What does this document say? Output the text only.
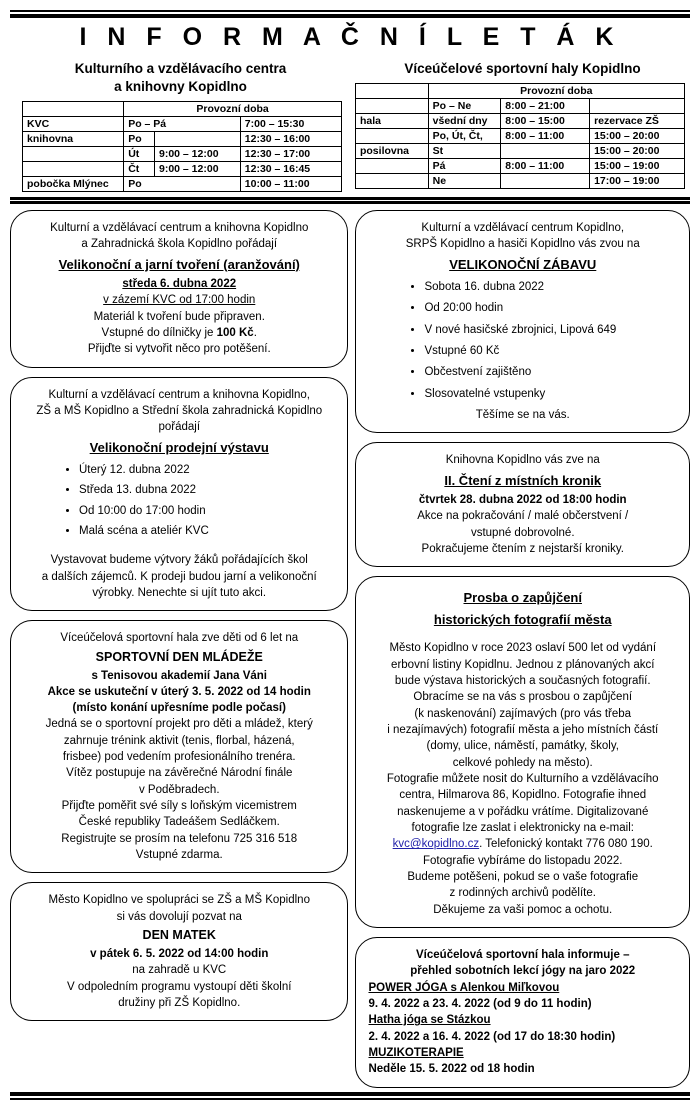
I N F O R M A Č N Í L E T Á K
Kulturního a vzdělávacího centra
a knihovny Kopidlno
	Provozní doba		
KVC	Po – Pá		7:00 – 15:30
knihovna	Po		12:30 – 16:00
	Út	9:00 – 12:00	12:30 – 17:00
	Čt	9:00 – 12:00	12:30 – 16:45
pobočka Mlýnec	Po		10:00 – 11:00
Víceúčelové sportovní haly Kopidlno
	Provozní doba		
	Po – Ne	8:00 – 21:00	
hala	všední dny	8:00 – 15:00	rezervace ZŠ
	Po, Út, Čt,	8:00 – 11:00	15:00 – 20:00
posilovna	St		15:00 – 20:00
	Pá	8:00 – 11:00	15:00 – 19:00
	Ne		17:00 – 19:00

Kulturní a vzdělávací centrum a knihovna Kopidlno

a Zahradnická škola Kopidlno pořádají

Velikonoční a jarní tvoření (aranžování)

středa 6. dubna 2022

v zázemí KVC od 17:00 hodin

Materiál k tvoření bude připraven.

Vstupné do dílničky je 100 Kč.

Přijďte si vytvořit něco pro potěšení.

Kulturní a vzdělávací centrum a knihovna Kopidlno,

ZŠ a MŠ Kopidlno a Střední škola zahradnická Kopidlno

pořádají

Velikonoční prodejní výstavu
• Úterý 12. dubna 2022
• Středa 13. dubna 2022
• Od 10:00 do 17:00 hodin
• Malá scéna a ateliér KVC

Vystavovat budeme výtvory žáků pořádajících škol

a dalších zájemců. K prodeji budou jarní a velikonoční

výrobky. Nenechte si ujít tuto akci.

Víceúčelová sportovní hala zve děti od 6 let na

SPORTOVNÍ DEN MLÁDEŽE

s Tenisovou akademií Jana Váni

Akce se uskuteční v úterý 3. 5. 2022 od 14 hodin

(místo konání upřesníme podle počasí)

Jedná se o sportovní projekt pro děti a mládež, který

zahrnuje trénink aktivit (tenis, florbal, házená,

frisbee) pod vedením profesionálního trenéra.

Vítěz postupuje na závěrečné Národní finále

v Poděbradech.

Přijďte poměřit své síly s loňským vicemistrem

České republiky Tadeášem Sedláčkem.

Registrujte se prosím na telefonu 725 316 518

Vstupné zdarma.

Město Kopidlno ve spolupráci se ZŠ a MŠ Kopidlno

si vás dovolují pozvat na

DEN MATEK

v pátek 6. 5. 2022 od 14:00 hodin

na zahradě u KVC

V odpoledním programu vystoupí děti školní

družiny při ZŠ Kopidlno.

Kulturní a vzdělávací centrum Kopidlno,

SRPŠ Kopidlno a hasiči Kopidlno vás zvou na

VELIKONOČNÍ ZÁBAVU
• Sobota 16. dubna 2022
• Od 20:00 hodin
• V nové hasičské zbrojnici, Lipová 649
• Vstupné 60 Kč
• Občestvení zajištěno
• Slosovatelné vstupenky

Těšíme se na vás.

Knihovna Kopidlno vás zve na

II. Čtení z místních kronik

čtvrtek 28. dubna 2022 od 18:00 hodin

Akce na pokračování / malé občerstvení /

vstupné dobrovolné.

Pokračujeme čtením z nejstarší kroniky.

Prosba o zapůjčení
historických fotografií města

Město Kopidlno v roce 2023 oslaví 500 let od vydání

erbovní listiny Kopidlnu. Jednou z plánovaných akcí

bude výstava historických a současných fotografií.

Obracíme se na vás s prosbou o zapůjčení

(k naskenování) zajímavých (pro vás třeba

i nezajímavých) fotografií města a jeho místních částí

(domy, ulice, náměstí, památky, školy,

celkové pohledy na město).

Fotografie můžete nosit do Kulturního a vzdělávacího

centra, Hilmarova 86, Kopidlno. Fotografie ihned

naskenujeme a v pořádku vrátíme. Digitalizované

fotografie lze zaslat i elektronicky na e-mail:

kvc@kopidlno.cz. Telefonický kontakt 776 080 190.

Fotografie vybíráme do listopadu 2022.

Budeme potěšeni, pokud se o vaše fotografie

z rodinných archivů podělíte.

Děkujeme za vaši pomoc a ochotu.

Víceúčelová sportovní hala informuje –

přehled sobotních lekcí jógy na jaro 2022

POWER JÓGA s Alenkou Miľkovou

9. 4. 2022 a 23. 4. 2022 (od 9 do 11 hodin)

Hatha jóga se Stázkou

2. 4. 2022 a 16. 4. 2022 (od 17 do 18:30 hodin)

MUZIKOTERAPIE

Neděle 15. 5. 2022 od 18 hodin
